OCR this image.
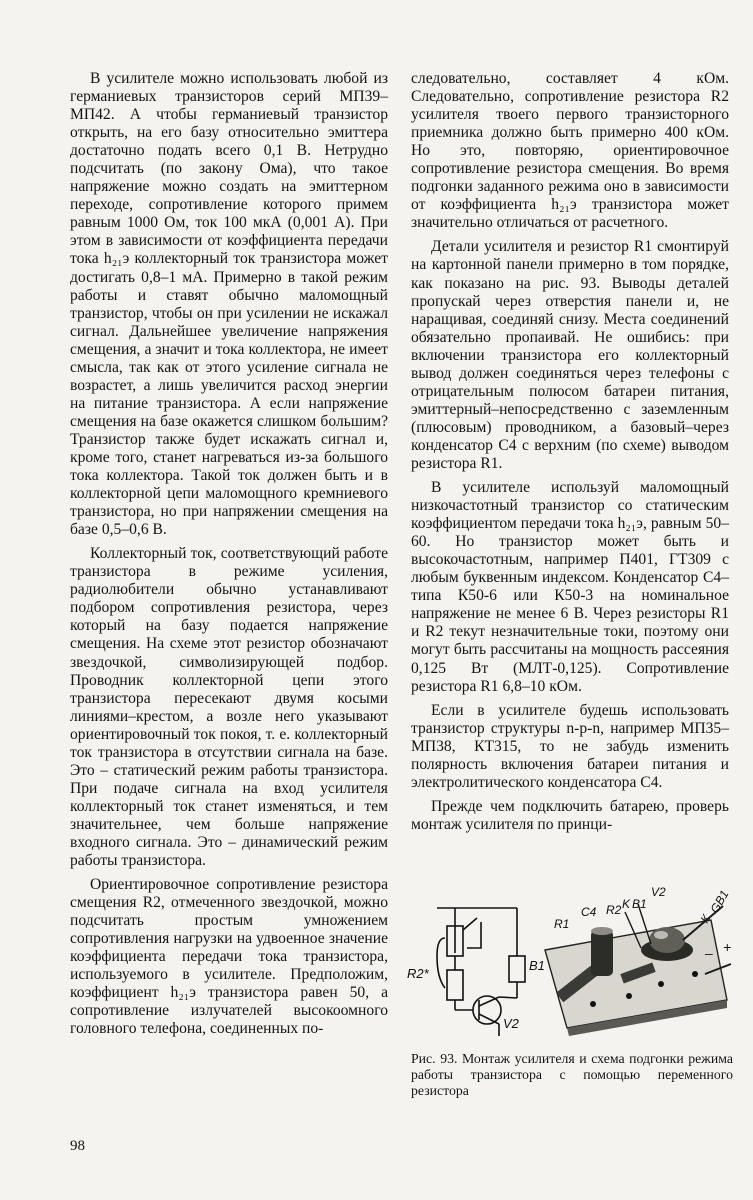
В усилителе можно использовать любой из германиевых транзисторов серий МП39–МП42. А чтобы германиевый транзистор открыть, на его базу относительно эмиттера достаточно подать всего 0,1 В. Нетрудно подсчитать (по закону Ома), что такое напряжение можно создать на эмиттерном переходе, сопротивление которого примем равным 1000 Ом, ток 100 мкА (0,001 А). При этом в зависимости от коэффициента передачи тока h₂₁э коллекторный ток транзистора может достигать 0,8–1 мА. Примерно в такой режим работы и ставят обычно маломощный транзистор, чтобы он при усилении не искажал сигнал. Дальнейшее увеличение напряжения смещения, а значит и тока коллектора, не имеет смысла, так как от этого усиление сигнала не возрастет, а лишь увеличится расход энергии на питание транзистора. А если напряжение смещения на базе окажется слишком большим? Транзистор также будет искажать сигнал и, кроме того, станет нагреваться из-за большого тока коллектора. Такой ток должен быть и в коллекторной цепи маломощного кремниевого транзистора, но при напряжении смещения на базе 0,5–0,6 В.

Коллекторный ток, соответствующий работе транзистора в режиме усиления, радиолюбители обычно устанавливают подбором сопротивления резистора, через который на базу подается напряжение смещения. На схеме этот резистор обозначают звездочкой, символизирующей подбор. Проводник коллекторной цепи этого транзистора пересекают двумя косыми линиями–крестом, а возле него указывают ориентировочный ток покоя, т. е. коллекторный ток транзистора в отсутствии сигнала на базе. Это – статический режим работы транзистора. При подаче сигнала на вход усилителя коллекторный ток станет изменяться, и тем значительнее, чем больше напряжение входного сигнала. Это – динамический режим работы транзистора.

Ориентировочное сопротивление резистора смещения R2, отмеченного звездочкой, можно подсчитать простым умножением сопротивления нагрузки на удвоенное значение коэффициента передачи тока транзистора, используемого в усилителе. Предположим, коэффициент h₂₁э транзистора равен 50, а сопротивление излучателей высокоомного головного телефона, соединенных по-

следовательно, составляет 4 кОм. Следовательно, сопротивление резистора R2 усилителя твоего первого транзисторного приемника должно быть примерно 400 кОм. Но это, повторяю, ориентировочное сопротивление резистора смещения. Во время подгонки заданного режима оно в зависимости от коэффициента h₂₁э транзистора может значительно отличаться от расчетного.

Детали усилителя и резистор R1 смонтируй на картонной панели примерно в том порядке, как показано на рис. 93. Выводы деталей пропускай через отверстия панели и, не наращивая, соединяй снизу. Места соединений обязательно пропаивай. Не ошибись: при включении транзистора его коллекторный вывод должен соединяться через телефоны с отрицательным полюсом батареи питания, эмиттерный–непосредственно с заземленным (плюсовым) проводником, а базовый–через конденсатор С4 с верхним (по схеме) выводом резистора R1.

В усилителе используй маломощный низкочастотный транзистор со статическим коэффициентом передачи тока h₂₁э, равным 50–60. Но транзистор может быть и высокочастотным, например П401, ГТ309 с любым буквенным индексом. Конденсатор С4–типа К50-6 или К50-3 на номинальное напряжение не менее 6 В. Через резисторы R1 и R2 текут незначительные токи, поэтому они могут быть рассчитаны на мощность рассеяния 0,125 Вт (МЛТ-0,125). Сопротивление резистора R1 6,8–10 кОм.

Если в усилителе будешь использовать транзистор структуры n-p-n, например МП35–МП38, КТ315, то не забудь изменить полярность включения батареи питания и электролитического конденсатора С4.

Прежде чем подключить батарею, проверь монтаж усилителя по принци-

R2*
B1
V2
R1
C4 R2 K B1
V2
К
GB1
– +
Рис. 93. Монтаж усилителя и схема подгонки режима работы транзистора с помощью переменного резистора
98
